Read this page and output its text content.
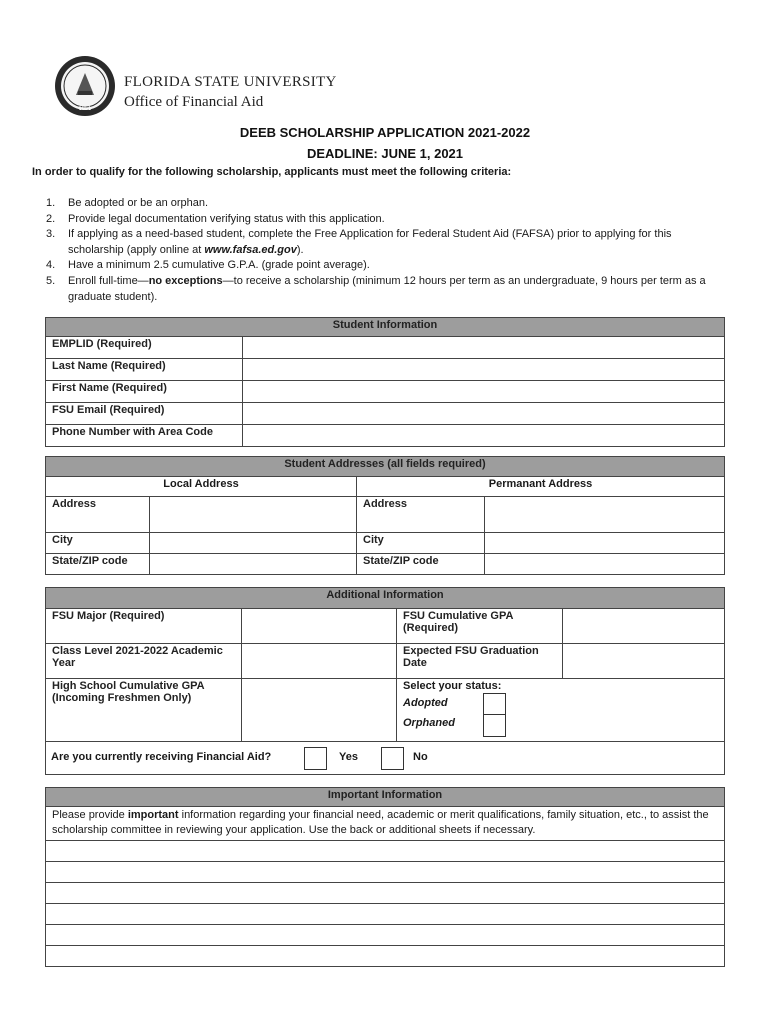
1851
FLORIDA STATE UNIVERSITY
Office of Financial Aid
DEEB SCHOLARSHIP APPLICATION 2021-2022
DEADLINE: JUNE 1, 2021
In order to qualify for the following scholarship, applicants must meet the following criteria:
1. Be adopted or be an orphan.
2. Provide legal documentation verifying status with this application.
3. If applying as a need-based student, complete the Free Application for Federal Student Aid (FAFSA) prior to applying for this scholarship (apply online at www.fafsa.ed.gov).
4. Have a minimum 2.5 cumulative G.P.A. (grade point average).
5. Enroll full-time—no exceptions—to receive a scholarship (minimum 12 hours per term as an undergraduate, 9 hours per term as a graduate student).
Student Information	
EMPLID (Required)	
Last Name (Required)	
First Name (Required)	
FSU Email (Required)	
Phone Number with Area Code	
Student Addresses (all fields required)			
Local Address		Permanant Address	
Address		Address	
City		City	
State/ZIP code		State/ZIP code	
Additional Information			
FSU Major (Required)		FSU Cumulative GPA (Required)	
Class Level 2021-2022 Academic Year		Expected FSU Graduation Date	
High School Cumulative GPA (Incoming Freshmen Only)		Select your status:
Adopted
Orphaned	

Are you currently receiving Financial Aid? Yes No			
Important Information
Please provide important information regarding your financial need, academic or merit qualifications, family situation, etc., to assist the scholarship committee in reviewing your application. Use the back or additional sheets if necessary.
